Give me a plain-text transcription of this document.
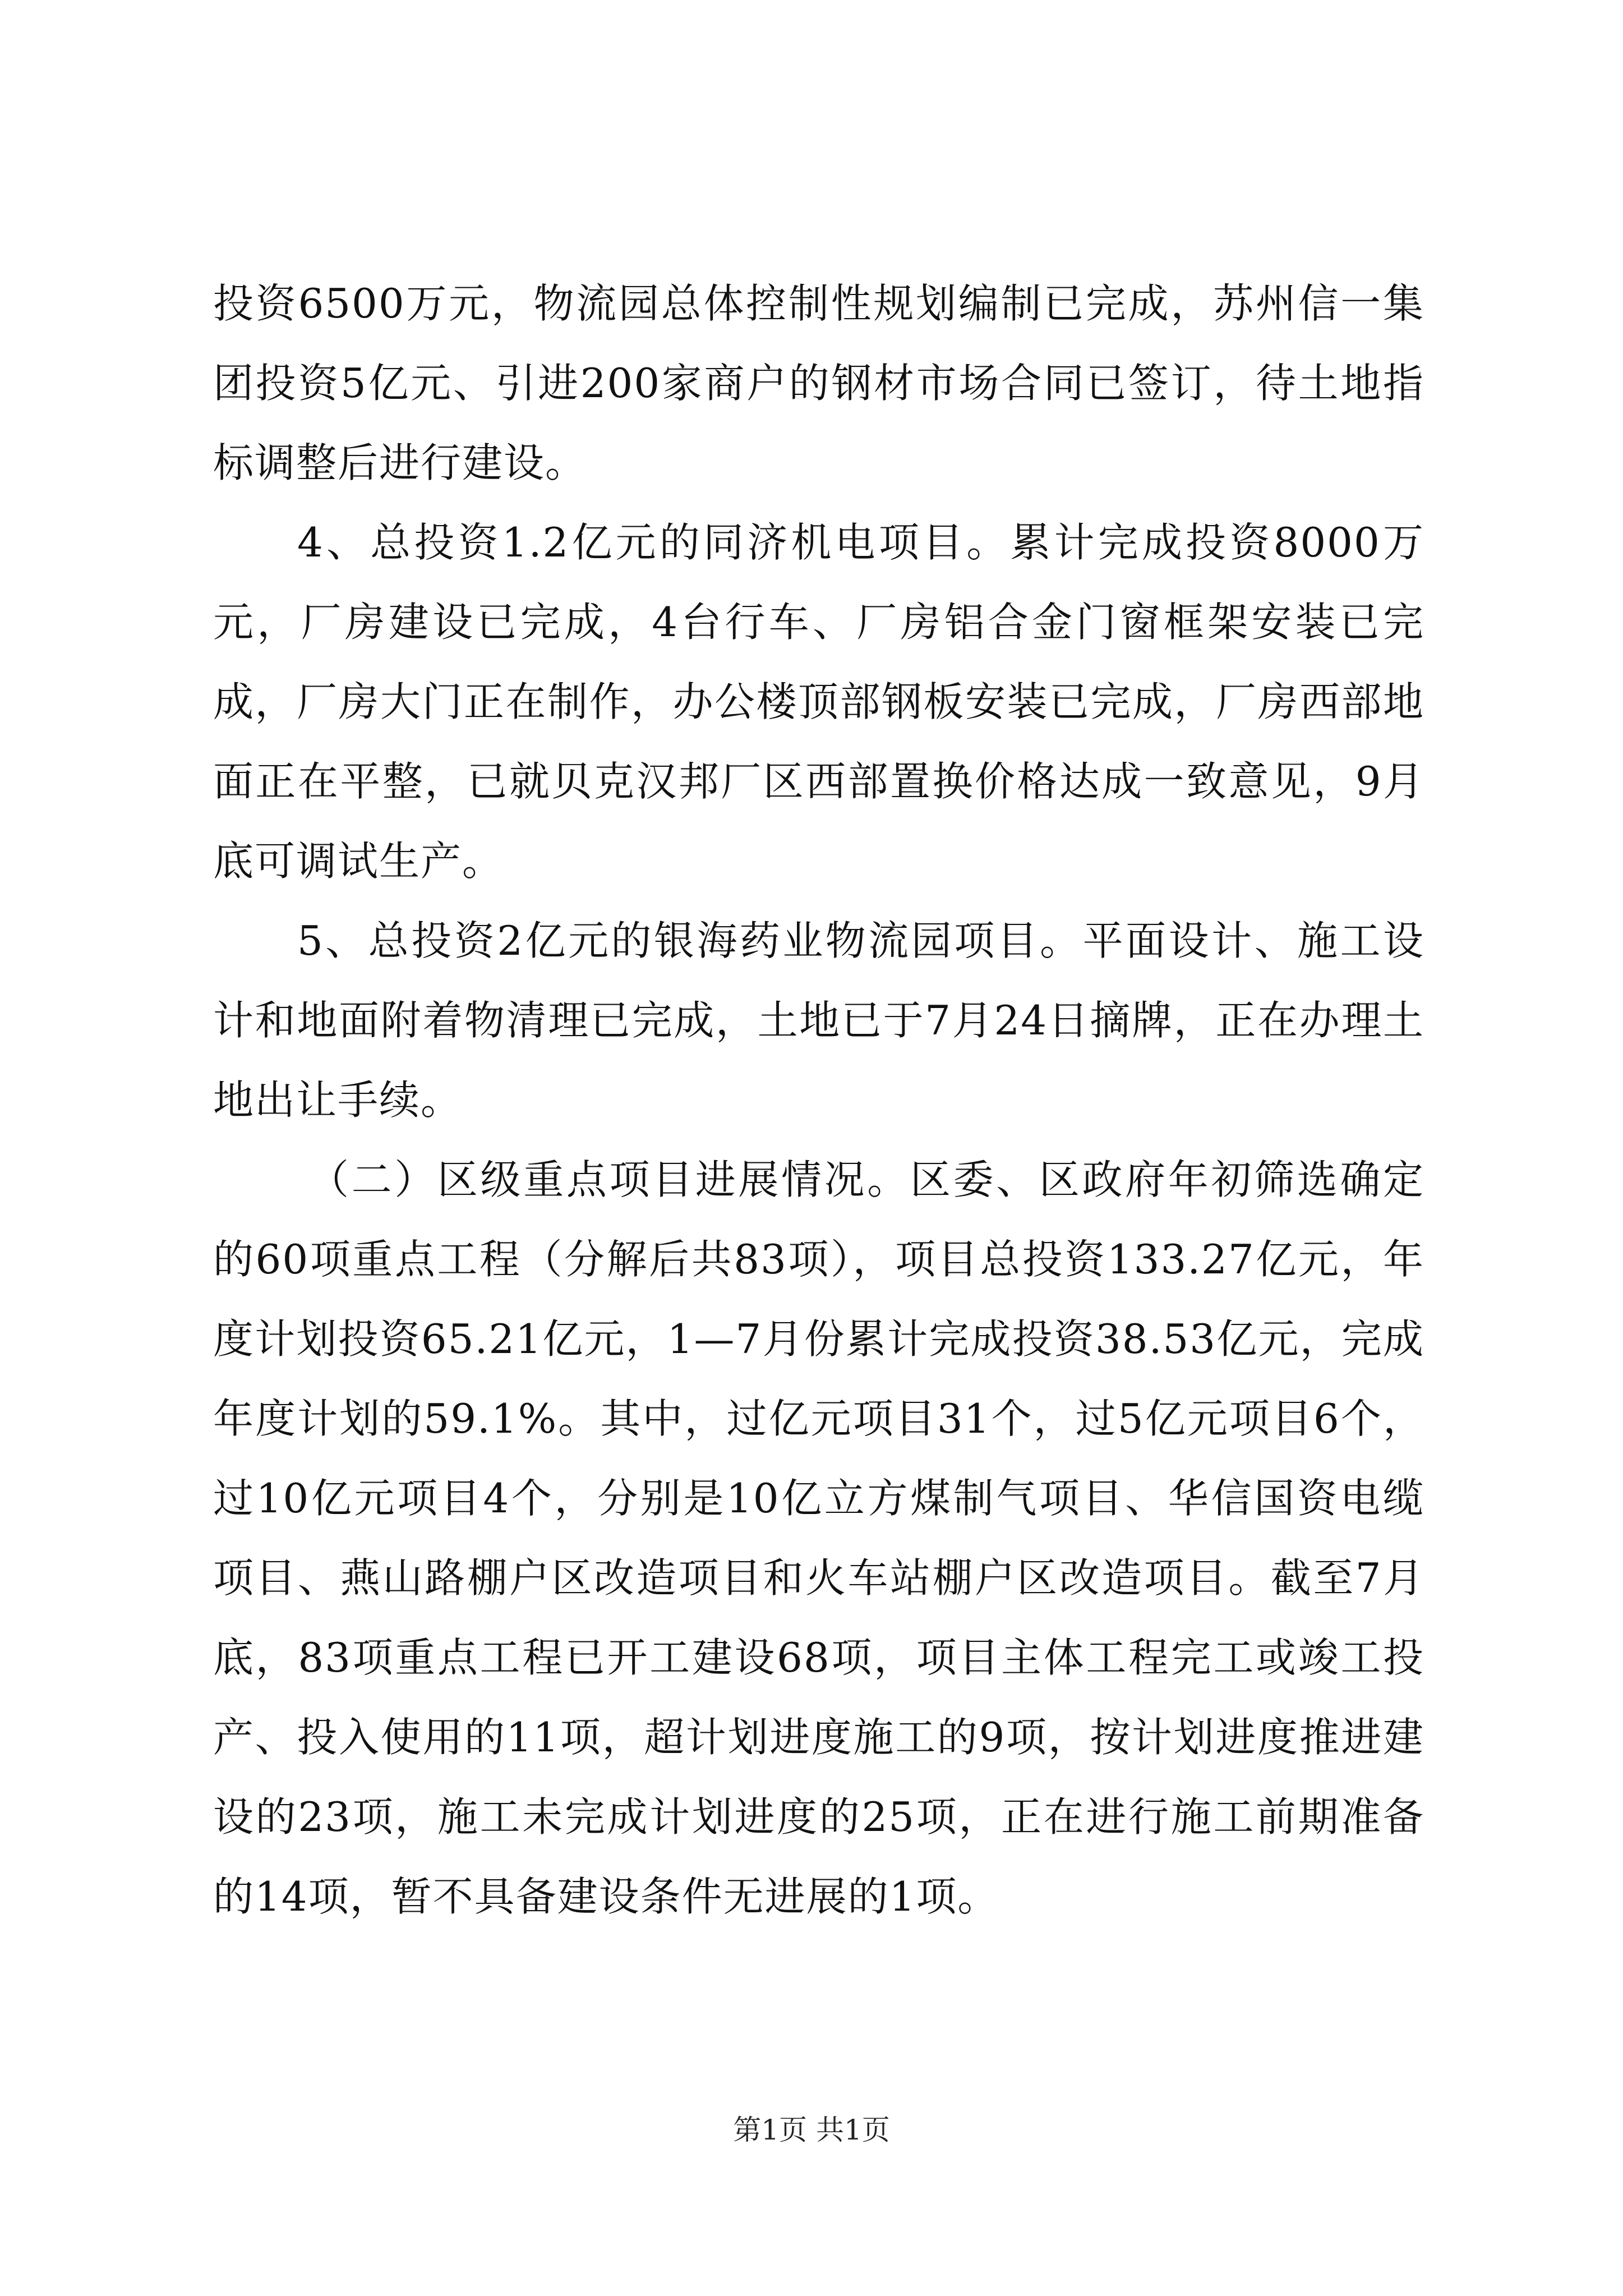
投资6500万元，物流园总体控制性规划编制已完成，苏州信一集团投资5亿元、引进200家商户的钢材市场合同已签订，待土地指标调整后进行建设。

4、总投资1.2亿元的同济机电项目。累计完成投资8000万元，厂房建设已完成，4台行车、厂房铝合金门窗框架安装已完成，厂房大门正在制作，办公楼顶部钢板安装已完成，厂房西部地面正在平整，已就贝克汉邦厂区西部置换价格达成一致意见，9月底可调试生产。

5、总投资2亿元的银海药业物流园项目。平面设计、施工设计和地面附着物清理已完成，土地已于7月24日摘牌，正在办理土地出让手续。

（二）区级重点项目进展情况。区委、区政府年初筛选确定的60项重点工程（分解后共83项），项目总投资133.27亿元，年度计划投资65.21亿元，1—7月份累计完成投资38.53亿元，完成年度计划的59.1%。其中，过亿元项目31个，过5亿元项目6个，过10亿元项目4个，分别是10亿立方煤制气项目、华信国资电缆项目、燕山路棚户区改造项目和火车站棚户区改造项目。截至7月底，83项重点工程已开工建设68项，项目主体工程完工或竣工投产、投入使用的11项，超计划进度施工的9项，按计划进度推进建设的23项，施工未完成计划进度的25项，正在进行施工前期准备的14项，暂不具备建设条件无进展的1项。

第1页 共1页
